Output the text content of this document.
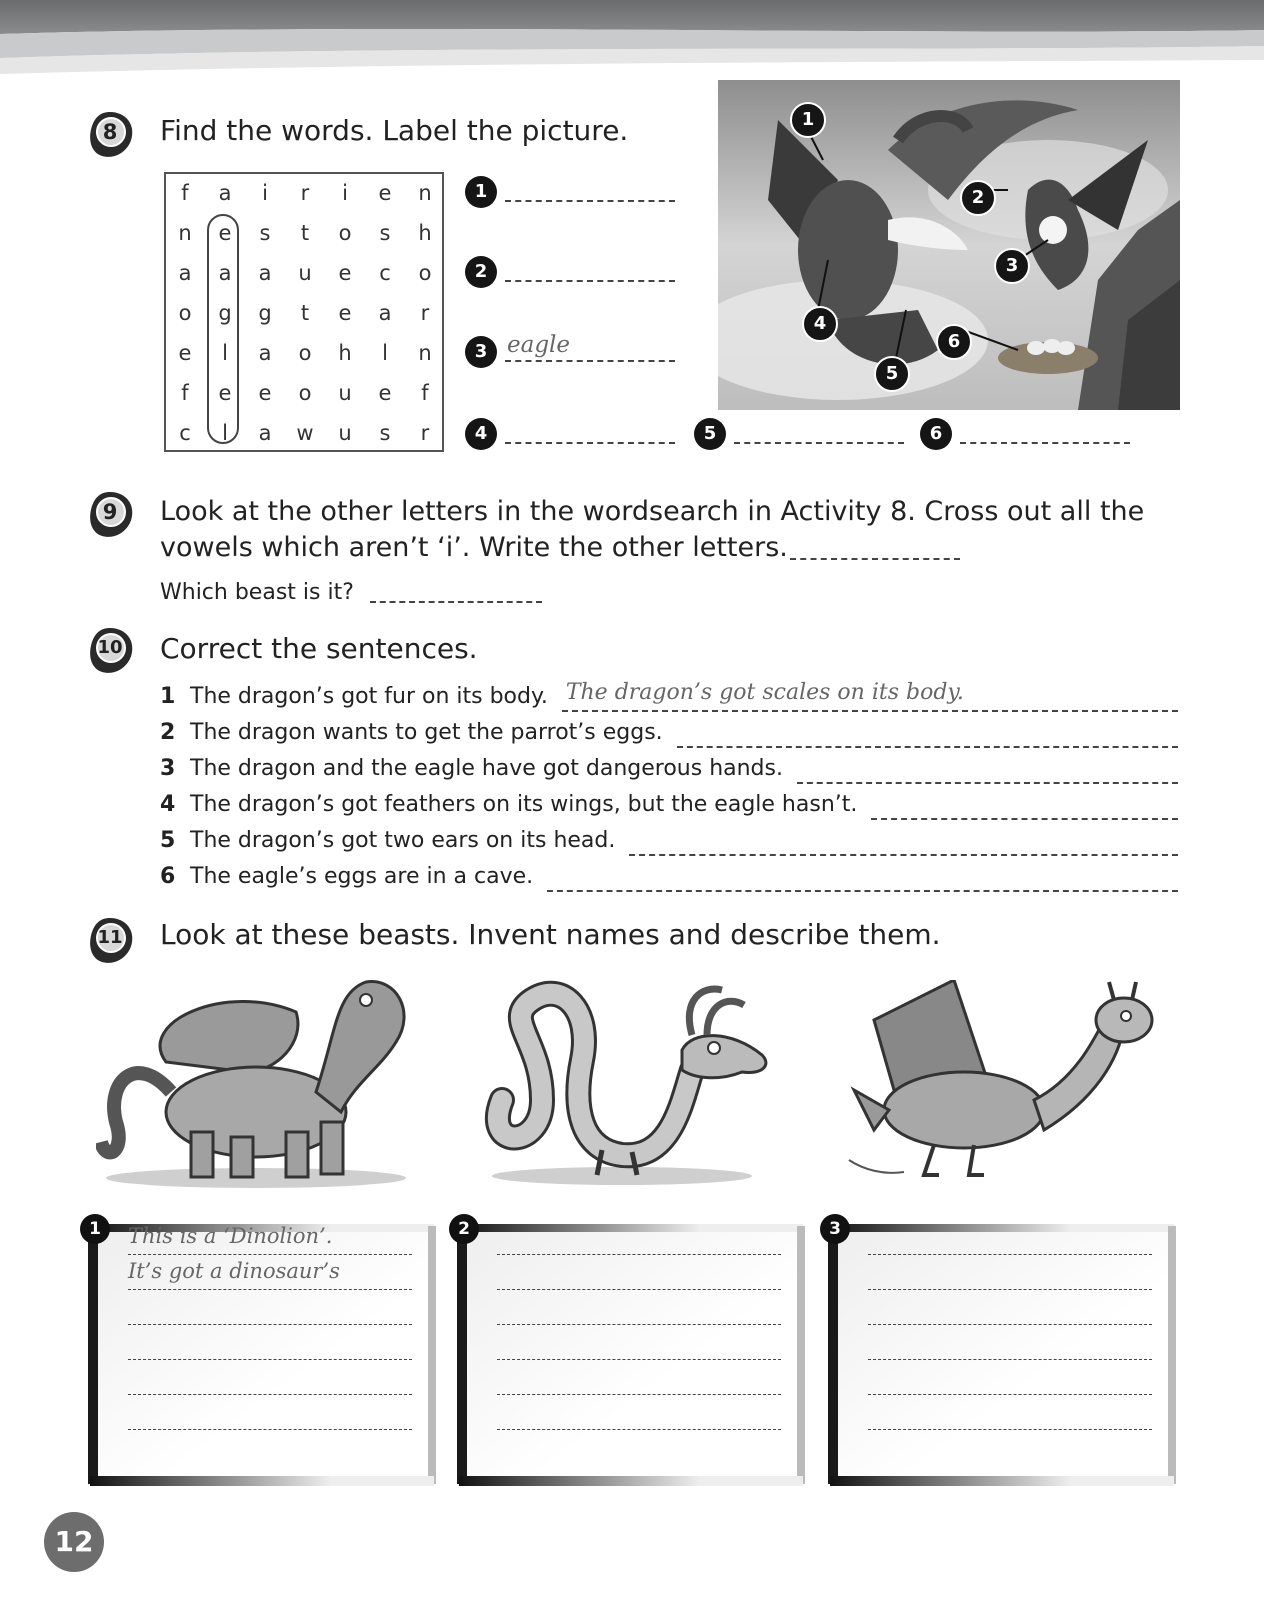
8	Find the words. Label the picture.
f	a	i	r	i	e	n
n	e	s	t	o	s	h
a	a	a	u	e	c	o
o	g	g	t	e	a	r
e	l	a	o	h	l	n
f	e	e	o	u	e	f
c	l	a	w	u	s	r
1
2
3 eagle
4	5	6
1
2
3
4
5
6
9	Look at the other letters in the wordsearch in Activity 8. Cross out all the
vowels which aren’t ‘i’. Write the other letters.
Which beast is it?
10	Correct the sentences.
1 The dragon’s got fur on its body. The dragon’s got scales on its body.
2 The dragon wants to get the parrot’s eggs.
3 The dragon and the eagle have got dangerous hands.
4 The dragon’s got feathers on its wings, but the eagle hasn’t.
5 The dragon’s got two ears on its head.
6 The eagle’s eggs are in a cave.
11	Look at these beasts. Invent names and describe them.
1	This is a ‘Dinolion’.
It’s got a dinosaur’s
2	3
12
